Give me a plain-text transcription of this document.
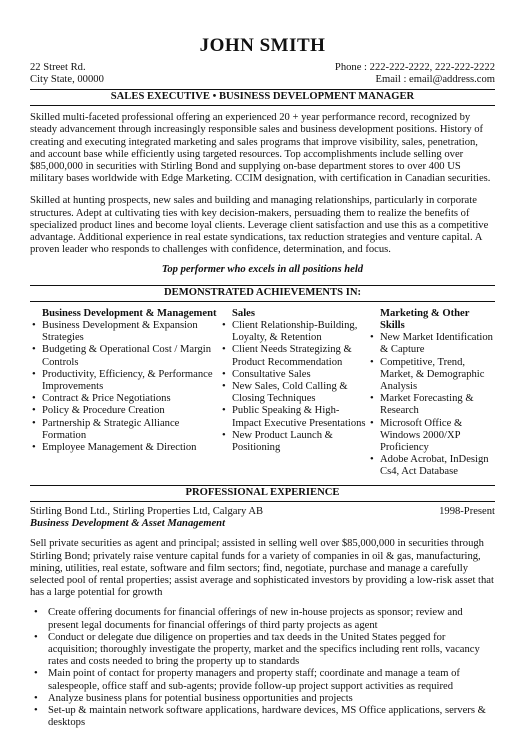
JOHN SMITH
22 Street Rd.
City State, 00000
Phone : 222-222-2222, 222-222-2222
Email : email@address.com
SALES EXECUTIVE • BUSINESS DEVELOPMENT MANAGER

Skilled multi-faceted professional offering an experienced 20 + year performance record, recognized by steady advancement through increasingly responsible sales and business development positions. History of creating and executing integrated marketing and sales programs that improve visibility, sales, penetration, and account base while efficiently using targeted resources. Top accomplishments include selling over $85,000,000 in securities with Stirling Bond and supplying on-base department stores to over 400 US military bases worldwide with Edge Marketing. CCIM designation, with certification in Canadian securities.

Skilled at hunting prospects, new sales and building and managing relationships, particularly in corporate structures. Adept at cultivating ties with key decision-makers, persuading them to realize the benefits of specialized product lines and become loyal clients. Leverage client satisfaction and use this as a competitive advantage. Additional experience in real estate syndications, tax reduction strategies and venture capital. A proven leader who responds to challenges with confidence, determination, and focus.

Top performer who excels in all positions held
DEMONSTRATED ACHIEVEMENTS IN:
Business Development & Management
• Business Development & Expansion Strategies
• Budgeting & Operational Cost / Margin Controls
• Productivity, Efficiency, & Performance Improvements
• Contract & Price Negotiations
• Policy & Procedure Creation
• Partnership & Strategic Alliance Formation
• Employee Management & Direction
Sales
• Client Relationship-Building, Loyalty, & Retention
• Client Needs Strategizing & Product Recommendation
• Consultative Sales
• New Sales, Cold Calling & Closing Techniques
• Public Speaking & High-Impact Executive Presentations
• New Product Launch & Positioning
Marketing & Other Skills
• New Market Identification & Capture
• Competitive, Trend, Market, & Demographic Analysis
• Market Forecasting & Research
• Microsoft Office & Windows 2000/XP Proficiency
• Adobe Acrobat, InDesign Cs4, Act Database
PROFESSIONAL EXPERIENCE
Stirling Bond Ltd., Stirling Properties Ltd, Calgary AB	1998-Present
Business Development & Asset Management

Sell private securities as agent and principal; assisted in selling well over $85,000,000 in securities through Stirling Bond; privately raise venture capital funds for a variety of companies in oil & gas, manufacturing, mining, utilities, real estate, software and film sectors; find, negotiate, purchase and manage a carefully selected pool of rental properties; assist average and sophisticated investors by providing a low-risk asset that has a large potential for growth

• Create offering documents for financial offerings of new in-house projects as sponsor; review and present legal documents for financial offerings of third party projects as agent
• Conduct or delegate due diligence on properties and tax deeds in the United States pegged for acquisition; thoroughly investigate the property, market and the specifics including rent rolls, vacancy rates and costs needed to bring the property up to standards
• Main point of contact for property managers and property staff; coordinate and manage a team of salespeople, office staff and sub-agents; provide follow-up project support activities as required
• Analyze business plans for potential business opportunities and projects
• Set-up & maintain network software applications, hardware devices, MS Office applications, servers & desktops
